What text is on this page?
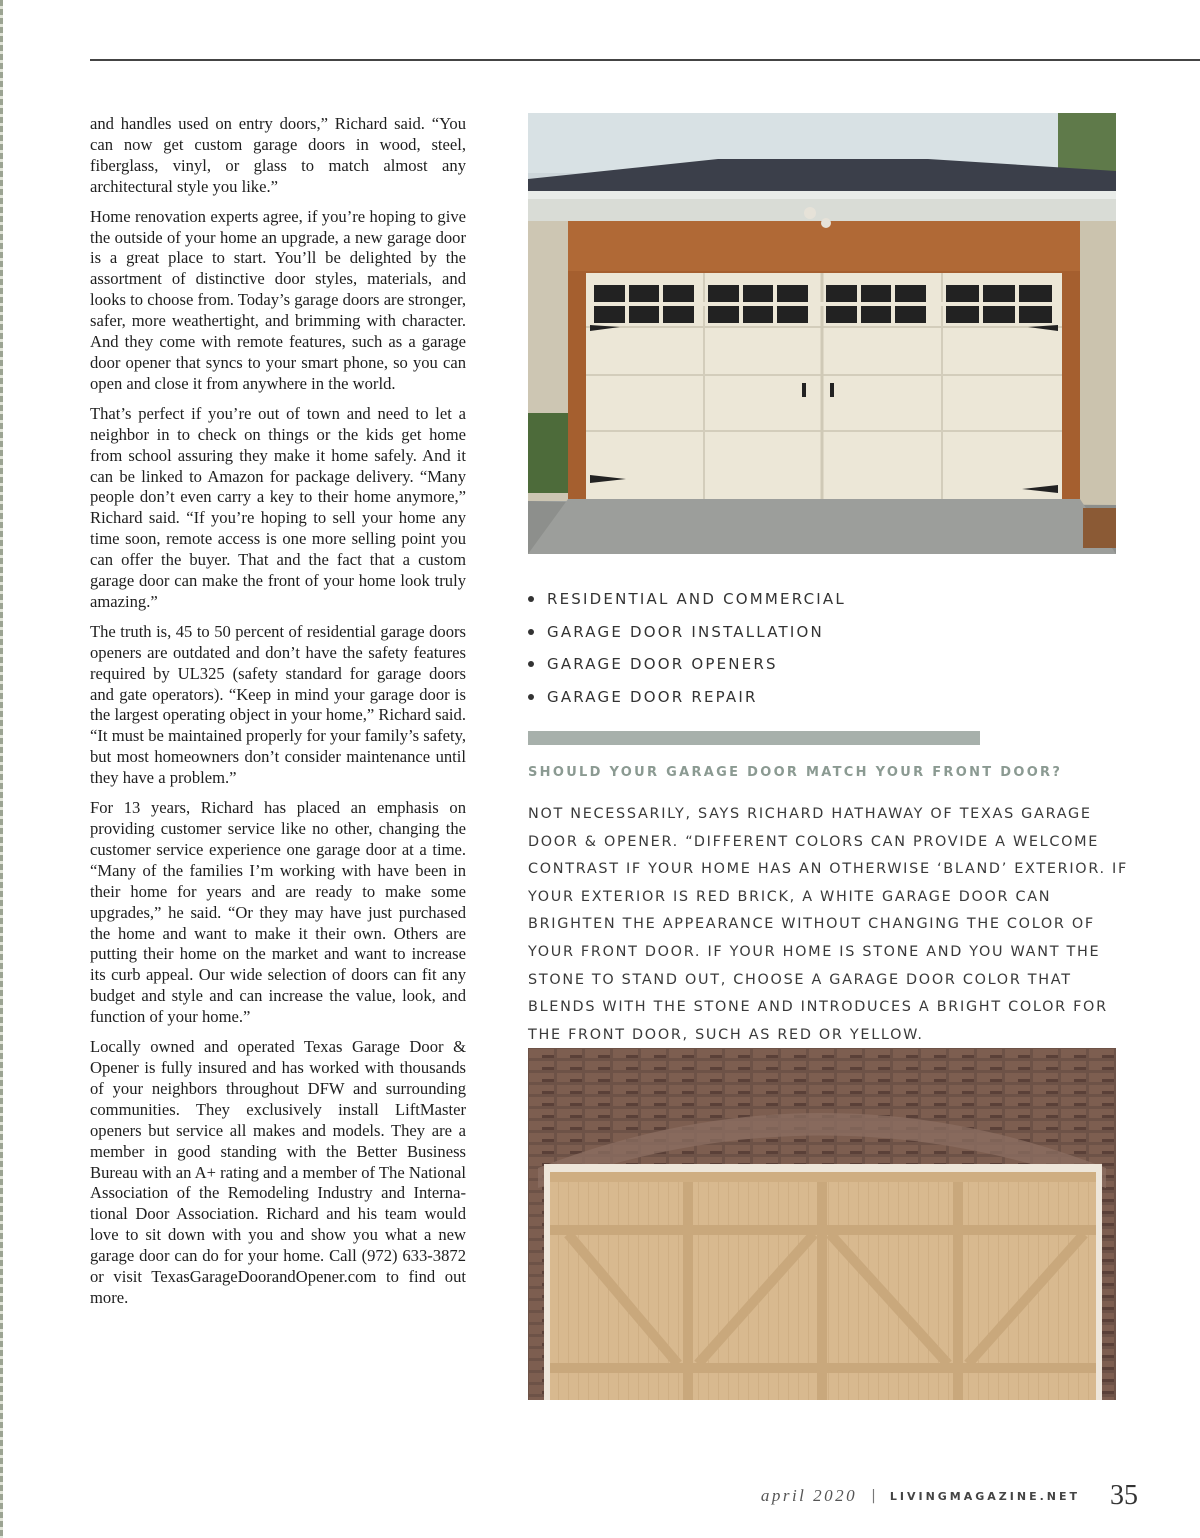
and handles used on entry doors,” Richard said. “You can now get custom garage doors in wood, steel, fiberglass, vinyl, or glass to match almost any architectural style you like.”

Home renovation experts agree, if you’re hoping to give the outside of your home an upgrade, a new garage door is a great place to start. You’ll be delighted by the assortment of distinctive door styles, materials, and looks to choose from. Today’s garage doors are stronger, safer, more weathertight, and brimming with character. And they come with remote features, such as a garage door opener that syncs to your smart phone, so you can open and close it from anywhere in the world.

That’s perfect if you’re out of town and need to let a neighbor in to check on things or the kids get home from school assuring they make it home safely. And it can be linked to Amazon for package delivery. “Many people don’t even carry a key to their home anymore,” Richard said. “If you’re hoping to sell your home any time soon, remote access is one more selling point you can offer the buyer. That and the fact that a custom garage door can make the front of your home look truly amazing.”

The truth is, 45 to 50 percent of residential garage doors openers are outdated and don’t have the safety features required by UL325 (safety standard for garage doors and gate operators). “Keep in mind your garage door is the largest operating object in your home,” Richard said. “It must be maintained properly for your family’s safety, but most homeowners don’t consider maintenance until they have a problem.”

For 13 years, Richard has placed an emphasis on providing customer service like no other, changing the customer service experience one garage door at a time. “Many of the families I’m working with have been in their home for years and are ready to make some upgrades,” he said. “Or they may have just purchased the home and want to make it their own. Others are putting their home on the market and want to increase its curb appeal. Our wide selection of doors can fit any budget and style and can increase the value, look, and function of your home.”

Locally owned and operated Texas Garage Door & Opener is fully insured and has worked with thousands of your neighbors throughout DFW and surrounding communities. They exclusively install LiftMaster openers but service all makes and models. They are a member in good standing with the Better Business Bureau with an A+ rating and a member of The National Association of the Remodeling Industry and International Door Association. Richard and his team would love to sit down with you and show you what a new garage door can do for your home. Call (972) 633-3872 or visit TexasGarageDoorandOpener.com to find out more.

RESIDENTIAL AND COMMERCIAL
GARAGE DOOR INSTALLATION
GARAGE DOOR OPENERS
GARAGE DOOR REPAIR
SHOULD YOUR GARAGE DOOR MATCH YOUR FRONT DOOR?

NOT NECESSARILY, SAYS RICHARD HATHAWAY OF TEXAS GARAGE DOOR & OPENER. “DIFFERENT COLORS CAN PROVIDE A WELCOME CONTRAST IF YOUR HOME HAS AN OTHERWISE ‘BLAND’ EXTERIOR. IF YOUR EXTERIOR IS RED BRICK, A WHITE GARAGE DOOR CAN BRIGHTEN THE APPEARANCE WITHOUT CHANGING THE COLOR OF YOUR FRONT DOOR. IF YOUR HOME IS STONE AND YOU WANT THE STONE TO STAND OUT, CHOOSE A GARAGE DOOR COLOR THAT BLENDS WITH THE STONE AND INTRODUCES A BRIGHT COLOR FOR THE FRONT DOOR, SUCH AS RED OR YELLOW.

april 2020 | LIVINGMAGAZINE.NET 35
